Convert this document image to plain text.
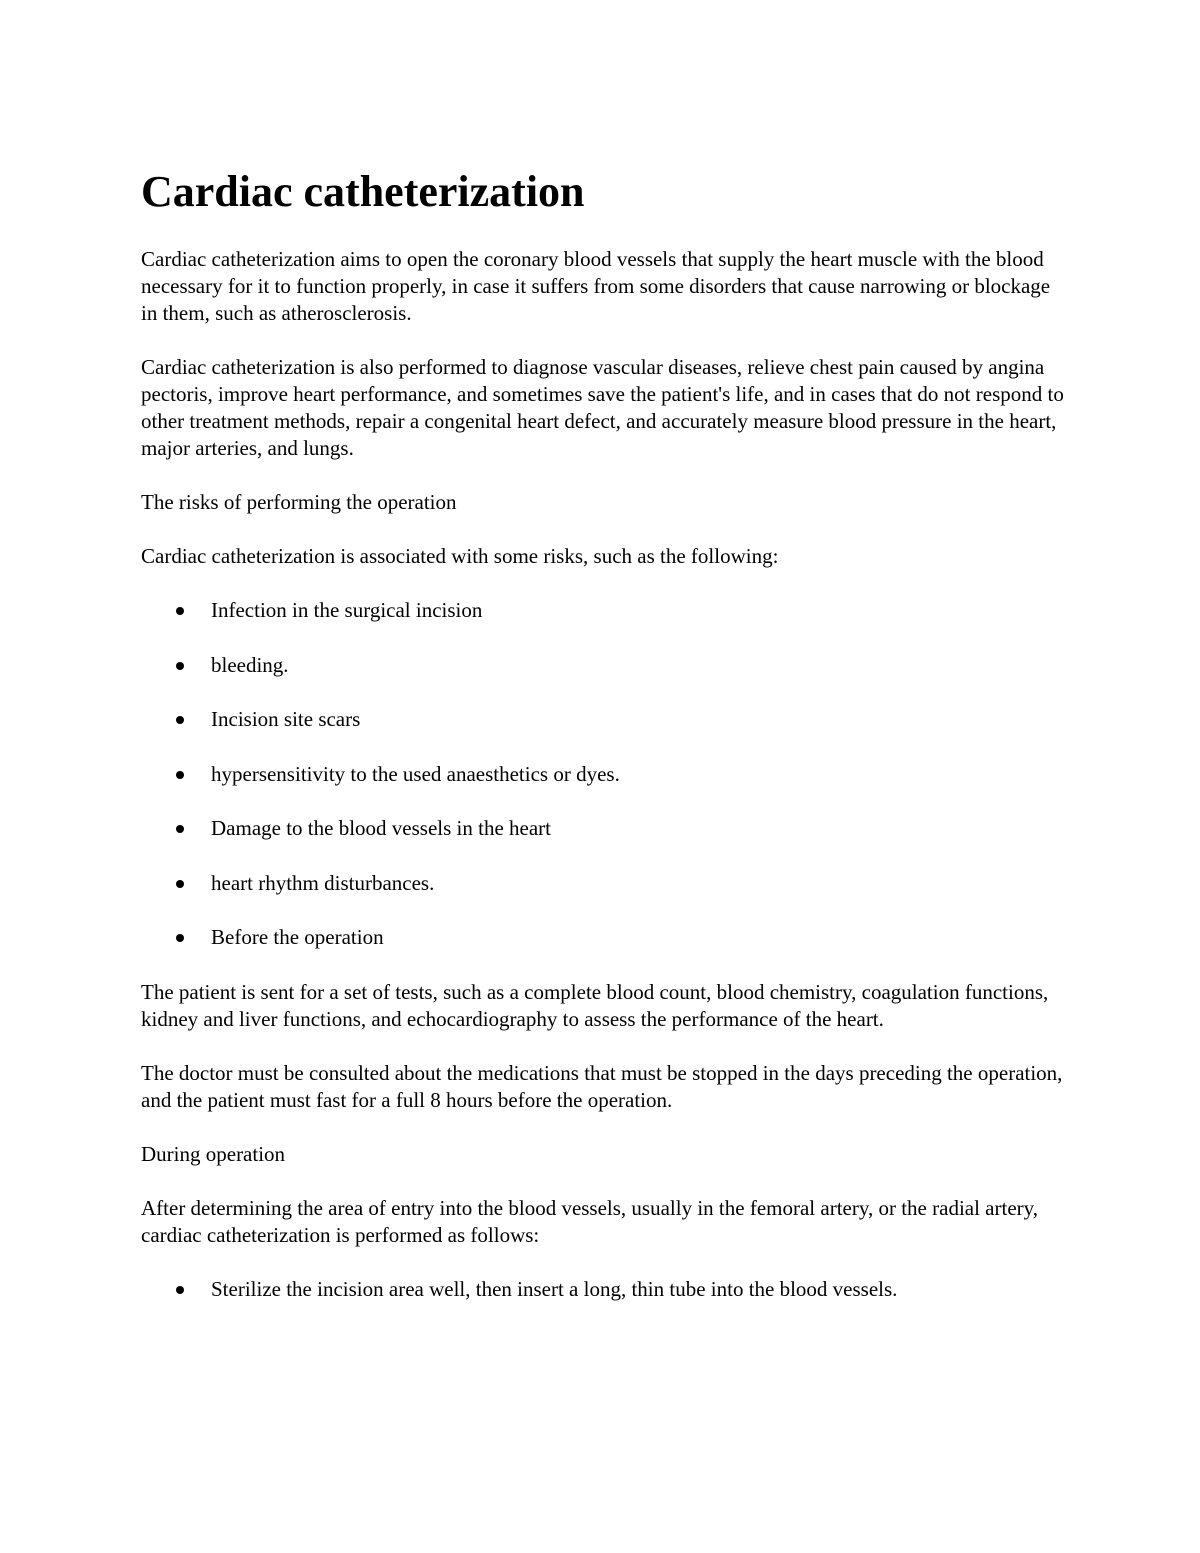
Cardiac catheterization

Cardiac catheterization aims to open the coronary blood vessels that supply the heart muscle with the blood necessary for it to function properly, in case it suffers from some disorders that cause narrowing or blockage in them, such as atherosclerosis.

Cardiac catheterization is also performed to diagnose vascular diseases, relieve chest pain caused by angina pectoris, improve heart performance, and sometimes save the patient's life, and in cases that do not respond to other treatment methods, repair a congenital heart defect, and accurately measure blood pressure in the heart, major arteries, and lungs.

The risks of performing the operation

Cardiac catheterization is associated with some risks, such as the following:

Infection in the surgical incision
bleeding.
Incision site scars
hypersensitivity to the used anaesthetics or dyes.
Damage to the blood vessels in the heart
heart rhythm disturbances.
Before the operation

The patient is sent for a set of tests, such as a complete blood count, blood chemistry, coagulation functions, kidney and liver functions, and echocardiography to assess the performance of the heart.

The doctor must be consulted about the medications that must be stopped in the days preceding the operation, and the patient must fast for a full 8 hours before the operation.

During operation

After determining the area of entry into the blood vessels, usually in the femoral artery, or the radial artery, cardiac catheterization is performed as follows:

Sterilize the incision area well, then insert a long, thin tube into the blood vessels.
